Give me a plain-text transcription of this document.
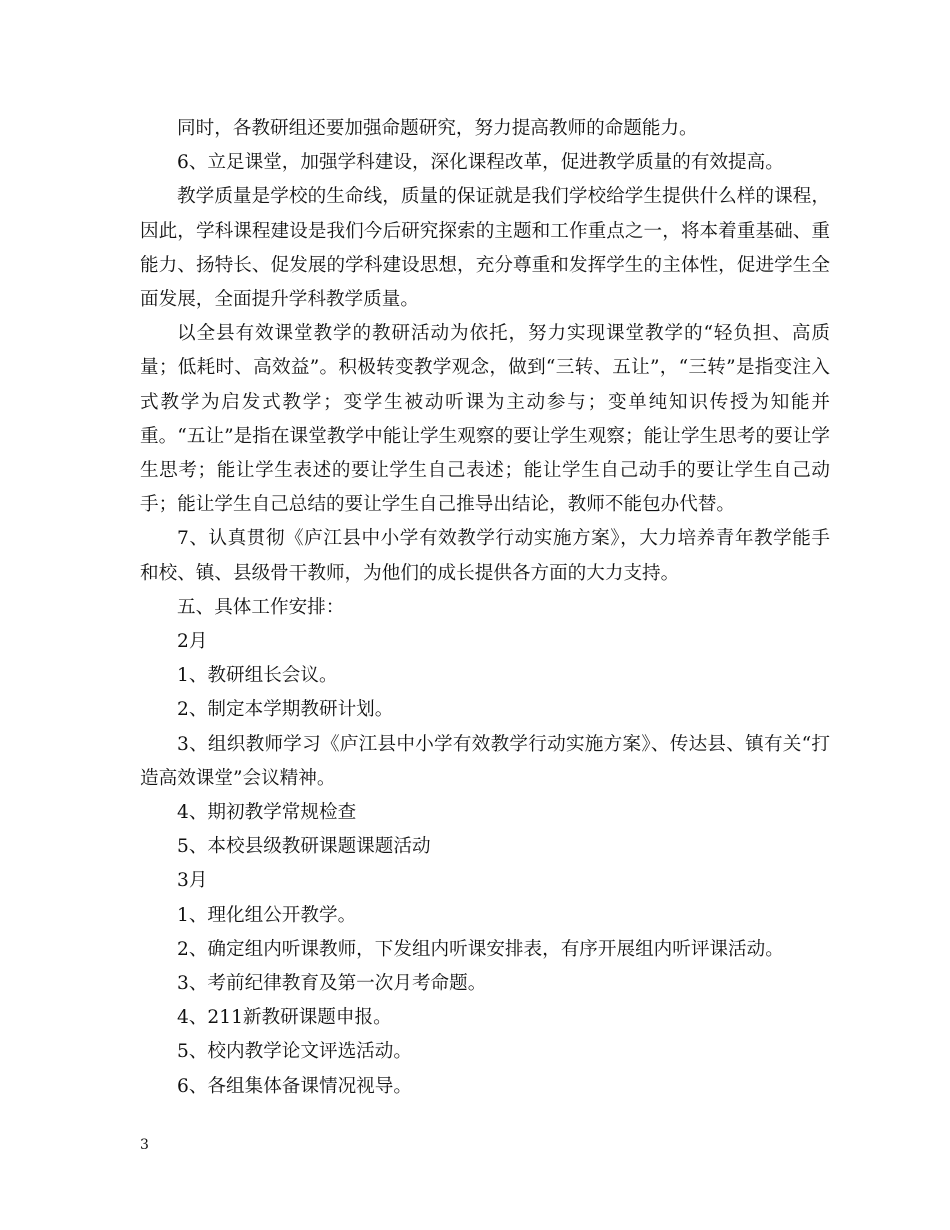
同时，各教研组还要加强命题研究，努力提高教师的命题能力。

6、立足课堂，加强学科建设，深化课程改革，促进教学质量的有效提高。

教学质量是学校的生命线，质量的保证就是我们学校给学生提供什么样的课程，因此，学科课程建设是我们今后研究探索的主题和工作重点之一，将本着重基础、重能力、扬特长、促发展的学科建设思想，充分尊重和发挥学生的主体性，促进学生全面发展，全面提升学科教学质量。

以全县有效课堂教学的教研活动为依托，努力实现课堂教学的“轻负担、高质量；低耗时、高效益”。积极转变教学观念，做到“三转、五让”，“三转”是指变注入式教学为启发式教学；变学生被动听课为主动参与；变单纯知识传授为知能并重。“五让”是指在课堂教学中能让学生观察的要让学生观察；能让学生思考的要让学生思考；能让学生表述的要让学生自己表述；能让学生自己动手的要让学生自己动手；能让学生自己总结的要让学生自己推导出结论，教师不能包办代替。

7、认真贯彻《庐江县中小学有效教学行动实施方案》，大力培养青年教学能手和校、镇、县级骨干教师，为他们的成长提供各方面的大力支持。

五、具体工作安排：

2月

1、教研组长会议。

2、制定本学期教研计划。

3、组织教师学习《庐江县中小学有效教学行动实施方案》、传达县、镇有关“打造高效课堂”会议精神。

4、期初教学常规检查

5、本校县级教研课题课题活动

3月

1、理化组公开教学。

2、确定组内听课教师，下发组内听课安排表，有序开展组内听评课活动。

3、考前纪律教育及第一次月考命题。

4、211新教研课题申报。

5、校内教学论文评选活动。

6、各组集体备课情况视导。

3
